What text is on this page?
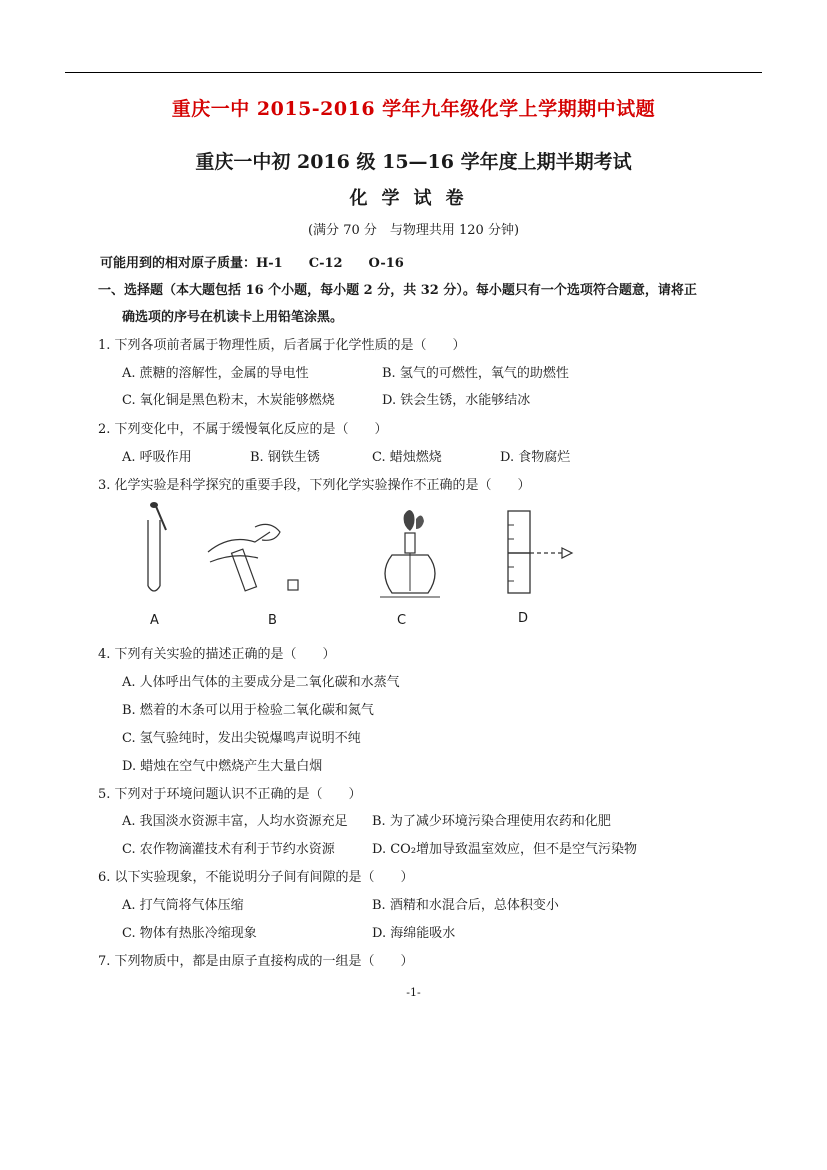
重庆一中 2015-2016 学年九年级化学上学期期中试题
重庆一中初 2016 级 15—16 学年度上期半期考试
化学试卷
(满分 70 分　与物理共用 120 分钟)
可能用到的相对原子质量：H-1　　C-12　　O-16
一、选择题（本大题包括 16 个小题，每小题 2 分，共 32 分）。每小题只有一个选项符合题意，请将正
确选项的序号在机读卡上用铅笔涂黑。
1. 下列各项前者属于物理性质，后者属于化学性质的是（　　）
A. 蔗糖的溶解性，金属的导电性	B. 氢气的可燃性，氧气的助燃性
C. 氧化铜是黑色粉末，木炭能够燃烧	D. 铁会生锈，水能够结冰
2. 下列变化中，不属于缓慢氧化反应的是（　　）
A. 呼吸作用	B. 钢铁生锈	C. 蜡烛燃烧	D. 食物腐烂
3. 化学实验是科学探究的重要手段，下列化学实验操作不正确的是（　　）
A	B	C	D
4. 下列有关实验的描述正确的是（　　）
A. 人体呼出气体的主要成分是二氧化碳和水蒸气
B. 燃着的木条可以用于检验二氧化碳和氮气
C. 氢气验纯时，发出尖锐爆鸣声说明不纯
D. 蜡烛在空气中燃烧产生大量白烟
5. 下列对于环境问题认识不正确的是（　　）
A. 我国淡水资源丰富，人均水资源充足 B. 为了减少环境污染合理使用农药和化肥
C. 农作物滴灌技术有利于节约水资源	D. CO₂增加导致温室效应，但不是空气污染物
6. 以下实验现象，不能说明分子间有间隙的是（　　）
A. 打气筒将气体压缩	B. 酒精和水混合后，总体积变小
C. 物体有热胀冷缩现象	D. 海绵能吸水
7. 下列物质中，都是由原子直接构成的一组是（　　）
-1-
